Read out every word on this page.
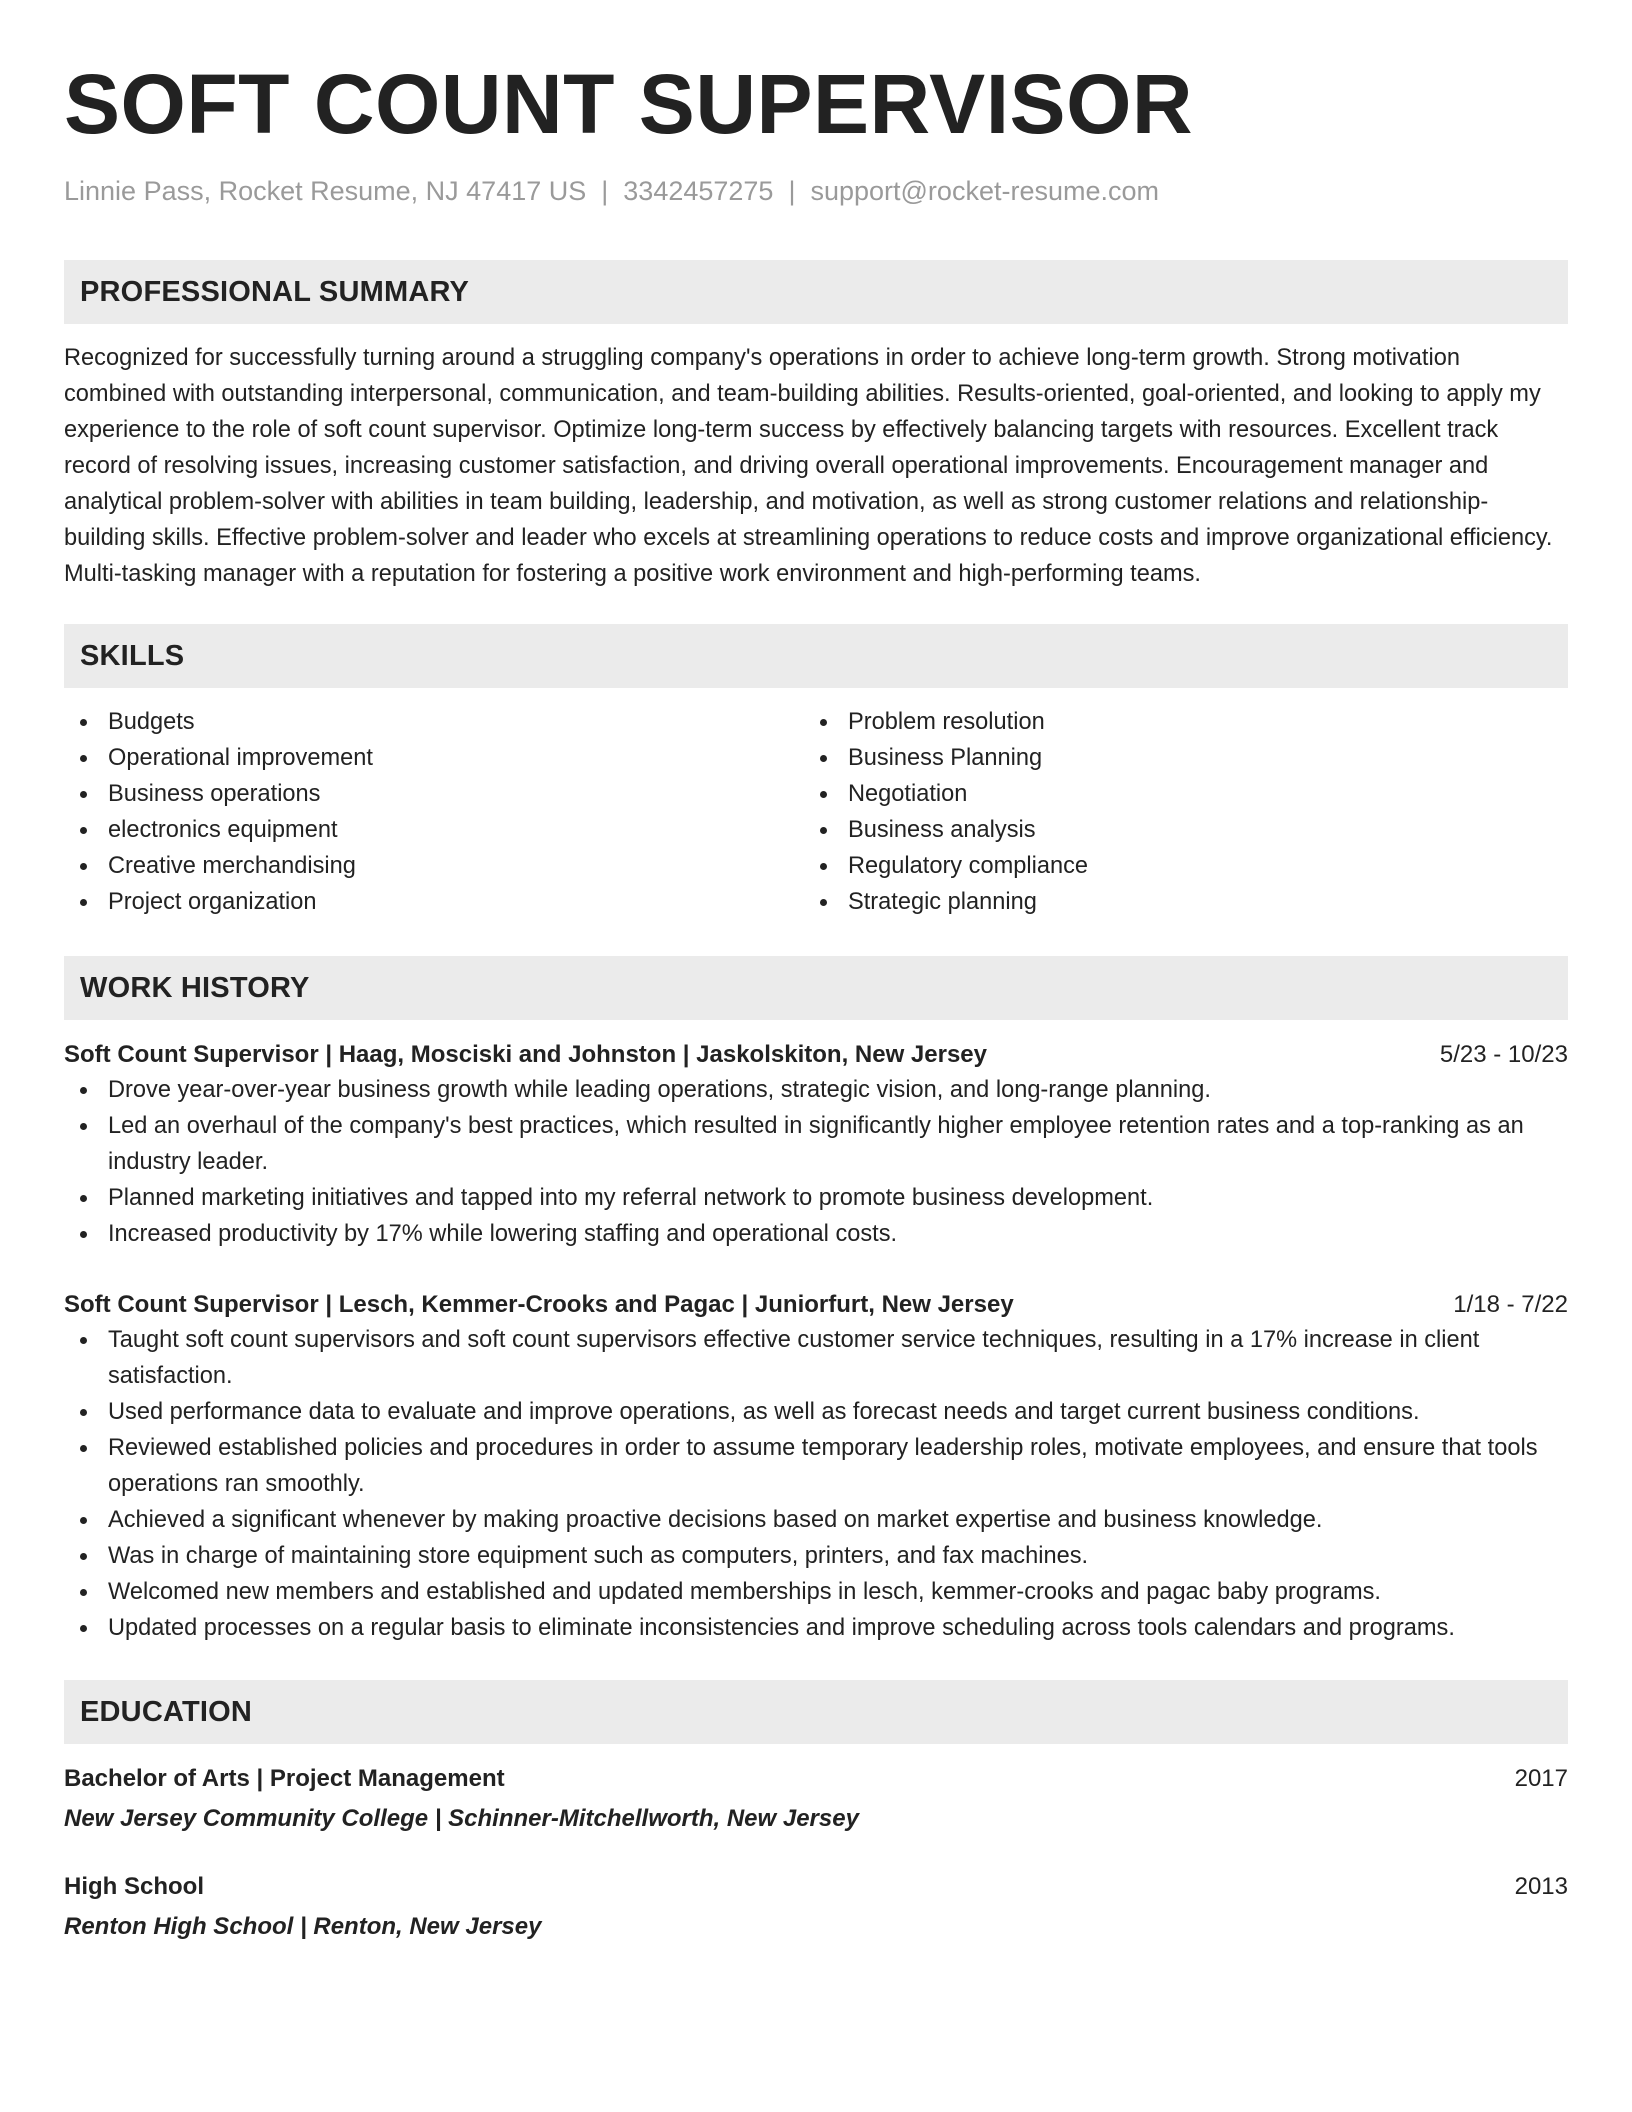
SOFT COUNT SUPERVISOR
Linnie Pass, Rocket Resume, NJ 47417 US | 3342457275 | support@rocket-resume.com
PROFESSIONAL SUMMARY
Recognized for successfully turning around a struggling company's operations in order to achieve long-term growth. Strong motivation combined with outstanding interpersonal, communication, and team-building abilities. Results-oriented, goal-oriented, and looking to apply my experience to the role of soft count supervisor. Optimize long-term success by effectively balancing targets with resources. Excellent track record of resolving issues, increasing customer satisfaction, and driving overall operational improvements. Encouragement manager and analytical problem-solver with abilities in team building, leadership, and motivation, as well as strong customer relations and relationship-building skills. Effective problem-solver and leader who excels at streamlining operations to reduce costs and improve organizational efficiency. Multi-tasking manager with a reputation for fostering a positive work environment and high-performing teams.
SKILLS
Budgets
Operational improvement
Business operations
electronics equipment
Creative merchandising
Project organization
Problem resolution
Business Planning
Negotiation
Business analysis
Regulatory compliance
Strategic planning
WORK HISTORY
Soft Count Supervisor | Haag, Mosciski and Johnston | Jaskolskiton, New Jersey	5/23 - 10/23
Drove year-over-year business growth while leading operations, strategic vision, and long-range planning.
Led an overhaul of the company's best practices, which resulted in significantly higher employee retention rates and a top-ranking as an industry leader.
Planned marketing initiatives and tapped into my referral network to promote business development.
Increased productivity by 17% while lowering staffing and operational costs.
Soft Count Supervisor | Lesch, Kemmer-Crooks and Pagac | Juniorfurt, New Jersey	1/18 - 7/22
Taught soft count supervisors and soft count supervisors effective customer service techniques, resulting in a 17% increase in client satisfaction.
Used performance data to evaluate and improve operations, as well as forecast needs and target current business conditions.
Reviewed established policies and procedures in order to assume temporary leadership roles, motivate employees, and ensure that tools operations ran smoothly.
Achieved a significant whenever by making proactive decisions based on market expertise and business knowledge.
Was in charge of maintaining store equipment such as computers, printers, and fax machines.
Welcomed new members and established and updated memberships in lesch, kemmer-crooks and pagac baby programs.
Updated processes on a regular basis to eliminate inconsistencies and improve scheduling across tools calendars and programs.
EDUCATION
Bachelor of Arts | Project Management	2017
New Jersey Community College | Schinner-Mitchellworth, New Jersey
High School	2013
Renton High School | Renton, New Jersey
